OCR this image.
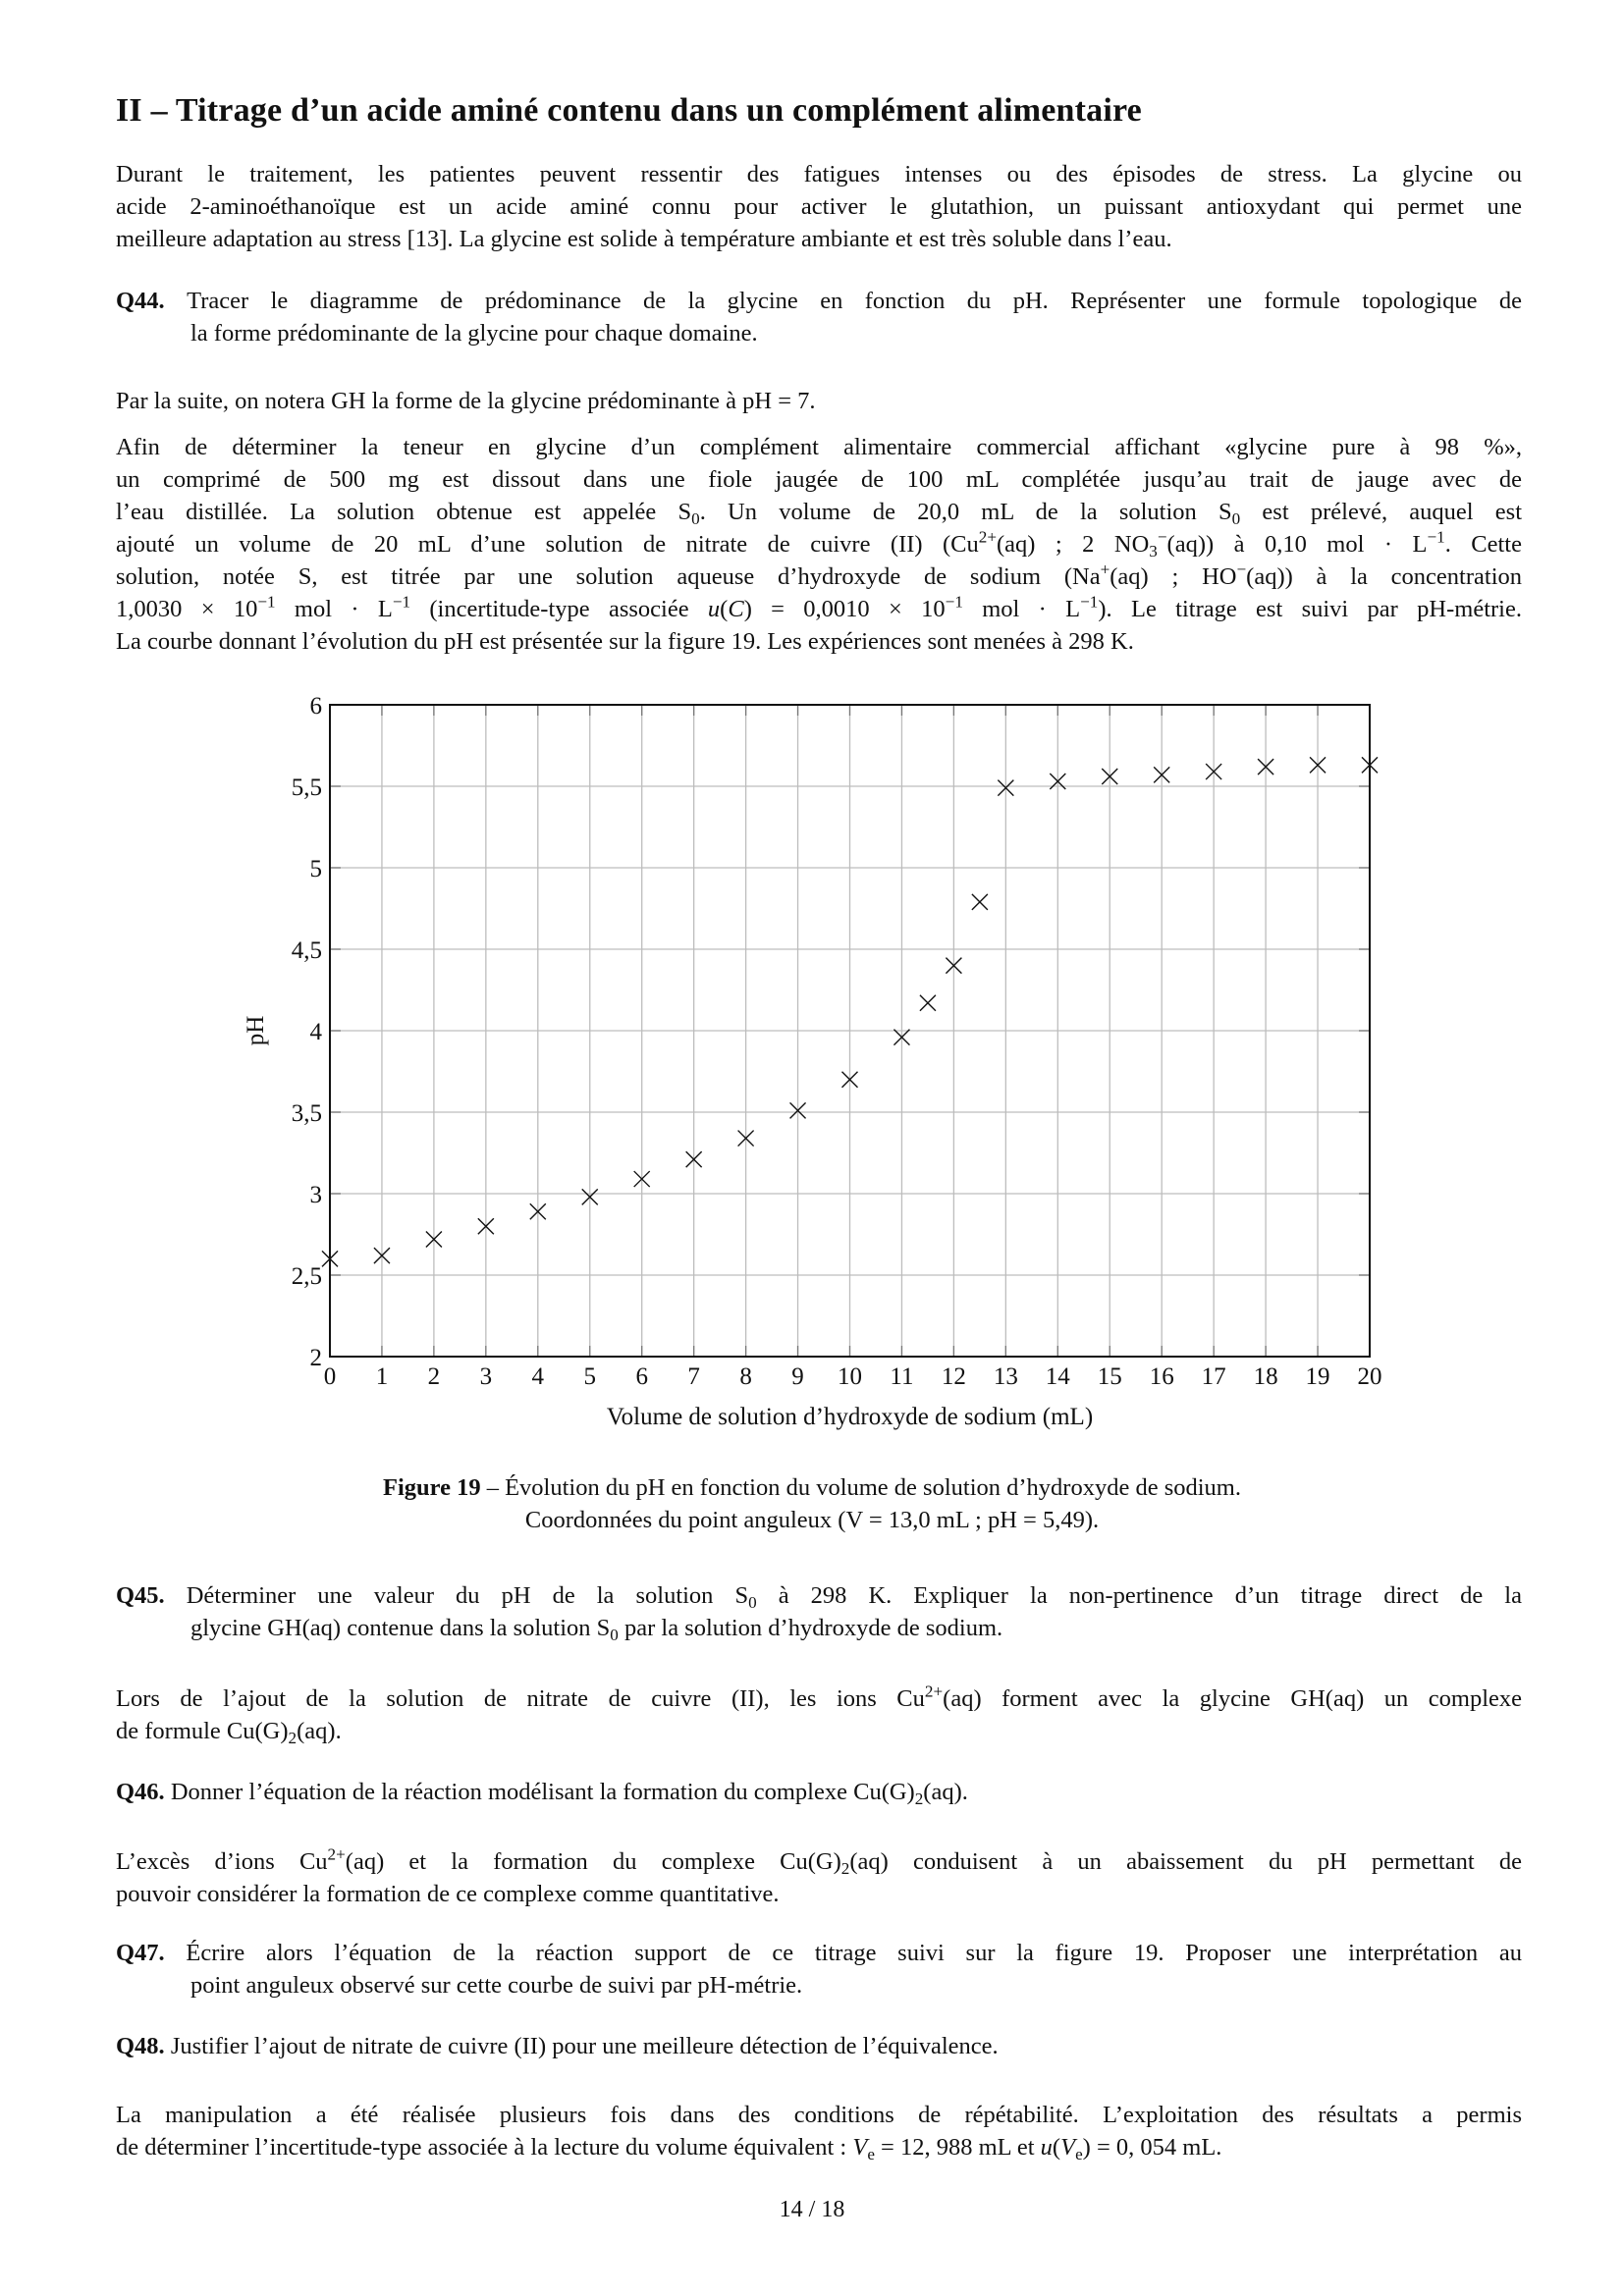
II – Titrage d’un acide aminé contenu dans un complément alimentaire
Durant le traitement, les patientes peuvent ressentir des fatigues intenses ou des épisodes de stress. La glycine ou
acide 2-aminoéthanoïque est un acide aminé connu pour activer le glutathion, un puissant antioxydant qui permet une
meilleure adaptation au stress [13]. La glycine est solide à température ambiante et est très soluble dans l’eau.
Q44. Tracer le diagramme de prédominance de la glycine en fonction du pH. Représenter une formule topologique de
la forme prédominante de la glycine pour chaque domaine.
Par la suite, on notera GH la forme de la glycine prédominante à pH = 7.
Afin de déterminer la teneur en glycine d’un complément alimentaire commercial affichant «glycine pure à 98 %»,
un comprimé de 500 mg est dissout dans une fiole jaugée de 100 mL complétée jusqu’au trait de jauge avec de
l’eau distillée. La solution obtenue est appelée $S_0$. Un volume de 20,0 mL de la solution $S_0$ est prélevé, auquel est
ajouté un volume de 20 mL d’une solution de nitrate de cuivre (II) ($Cu^{2+}(aq)$ ; 2 $NO_3^-(aq)$) à 0,10 mol · $L^{-1}$. Cette
solution, notée S, est titrée par une solution aqueuse d’hydroxyde de sodium (Na+(aq) ; HO−(aq)) à la concentration
$1,0030 \times 10^{-1}$ mol · $L^{-1}$ (incertitude-type associée $u(C) = 0,0010 \times 10^{-1}$ mol · $L^{-1}$). Le titrage est suivi par pH-métrie.
La courbe donnant l’évolution du pH est présentée sur la figure 19. Les expériences sont menées à 298 K.
Q45. Déterminer une valeur du pH de la solution $S_0$ à 298 K. Expliquer la non-pertinence d’un titrage direct de la
glycine GH(aq) contenue dans la solution $S_0$ par la solution d’hydroxyde de sodium.
Lors de l’ajout de la solution de nitrate de cuivre (II), les ions $Cu^{2+}(aq)$ forment avec la glycine GH(aq) un complexe
de formule $Cu(G)_2(aq)$.
Q46. Donner l’équation de la réaction modélisant la formation du complexe $Cu(G)_2(aq)$.
L’excès d’ions $Cu^{2+}(aq)$ et la formation du complexe $Cu(G)_2(aq)$ conduisent à un abaissement du pH permettant de
pouvoir considérer la formation de ce complexe comme quantitative.
Q47. Écrire alors l’équation de la réaction support de ce titrage suivi sur la figure 19. Proposer une interprétation au
point anguleux observé sur cette courbe de suivi par pH-métrie.
Q48. Justifier l’ajout de nitrate de cuivre (II) pour une meilleure détection de l’équivalence.
La manipulation a été réalisée plusieurs fois dans des conditions de répétabilité. L’exploitation des résultats a permis
de déterminer l’incertitude-type associée à la lecture du volume équivalent : $V_e = 12$, 988 mL et $u(V_e) = 0$, 054 mL.
0 1 2 3 4 5 6 7 8 9 10 11 12 13 14 15 16 17 18 19 20
2
2,5
3
3,5
4
4,5
5
5,5
6
Volume de solution d’hydroxyde de sodium (mL)
pH
Figure 19 – Évolution du pH en fonction du volume de solution d’hydroxyde de sodium.
Coordonnées du point anguleux (V = 13,0 mL ; pH = 5,49).
14 / 18
